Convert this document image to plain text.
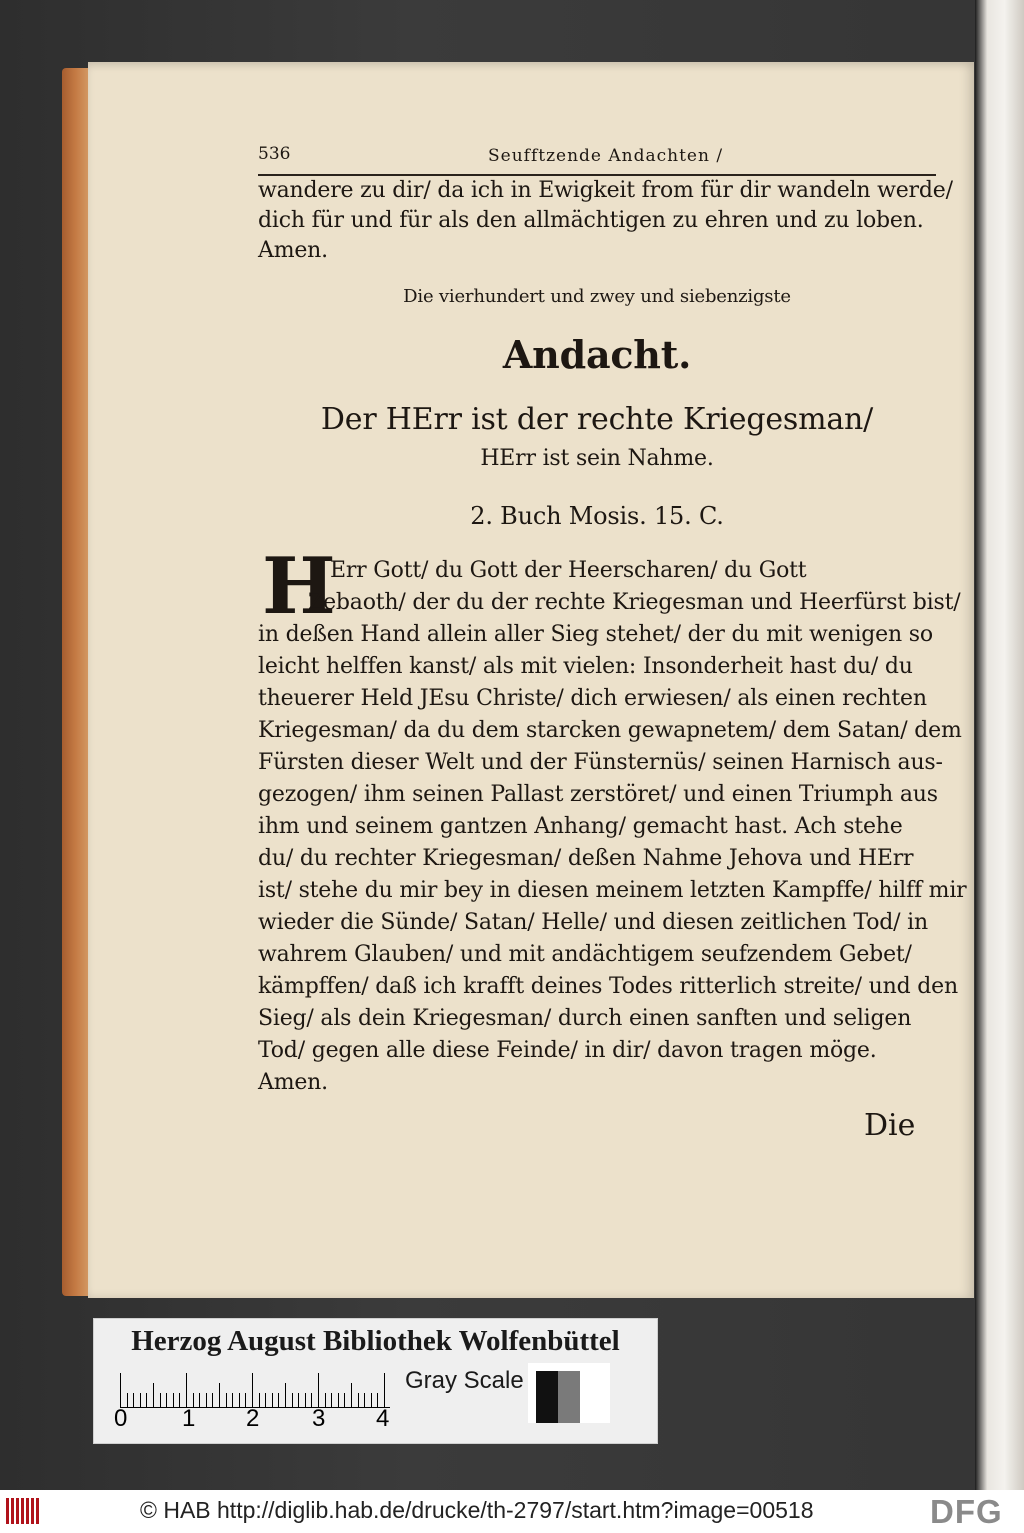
536	Seufftzende Andachten /
wandere zu dir/ da ich in Ewigkeit from für dir wandeln werde/
dich für und für als den allmächtigen zu ehren und zu loben.
Amen.
Die vierhundert und zwey und siebenzigste
Andacht.
Der HErr ist der rechte Kriegesman/
HErr ist sein Nahme.
2. Buch Mosis. 15. C.
H
Err Gott/ du Gott der Heerscharen/ du Gott
Zebaoth/ der du der rechte Kriegesman und Heerfürst bist/
in deßen Hand allein aller Sieg stehet/ der du mit wenigen so
leicht helffen kanst/ als mit vielen: Insonderheit hast du/ du
theuerer Held JEsu Christe/ dich erwiesen/ als einen rechten
Kriegesman/ da du dem starcken gewapnetem/ dem Satan/ dem
Fürsten dieser Welt und der Fünsternüs/ seinen Harnisch aus-
gezogen/ ihm seinen Pallast zerstöret/ und einen Triumph aus
ihm und seinem gantzen Anhang/ gemacht hast. Ach stehe
du/ du rechter Kriegesman/ deßen Nahme Jehova und HErr
ist/ stehe du mir bey in diesen meinem letzten Kampffe/ hilff mir
wieder die Sünde/ Satan/ Helle/ und diesen zeitlichen Tod/ in
wahrem Glauben/ und mit andächtigem seufzendem Gebet/
kämpffen/ daß ich krafft deines Todes ritterlich streite/ und den
Sieg/ als dein Kriegesman/ durch einen sanften und seligen
Tod/ gegen alle diese Feinde/ in dir/ davon tragen möge.
Amen.
Die
Herzog August Bibliothek Wolfenbüttel
0 1 2 3 4
Gray Scale
© HAB http://diglib.hab.de/drucke/th-2797/start.htm?image=00518	DFG
